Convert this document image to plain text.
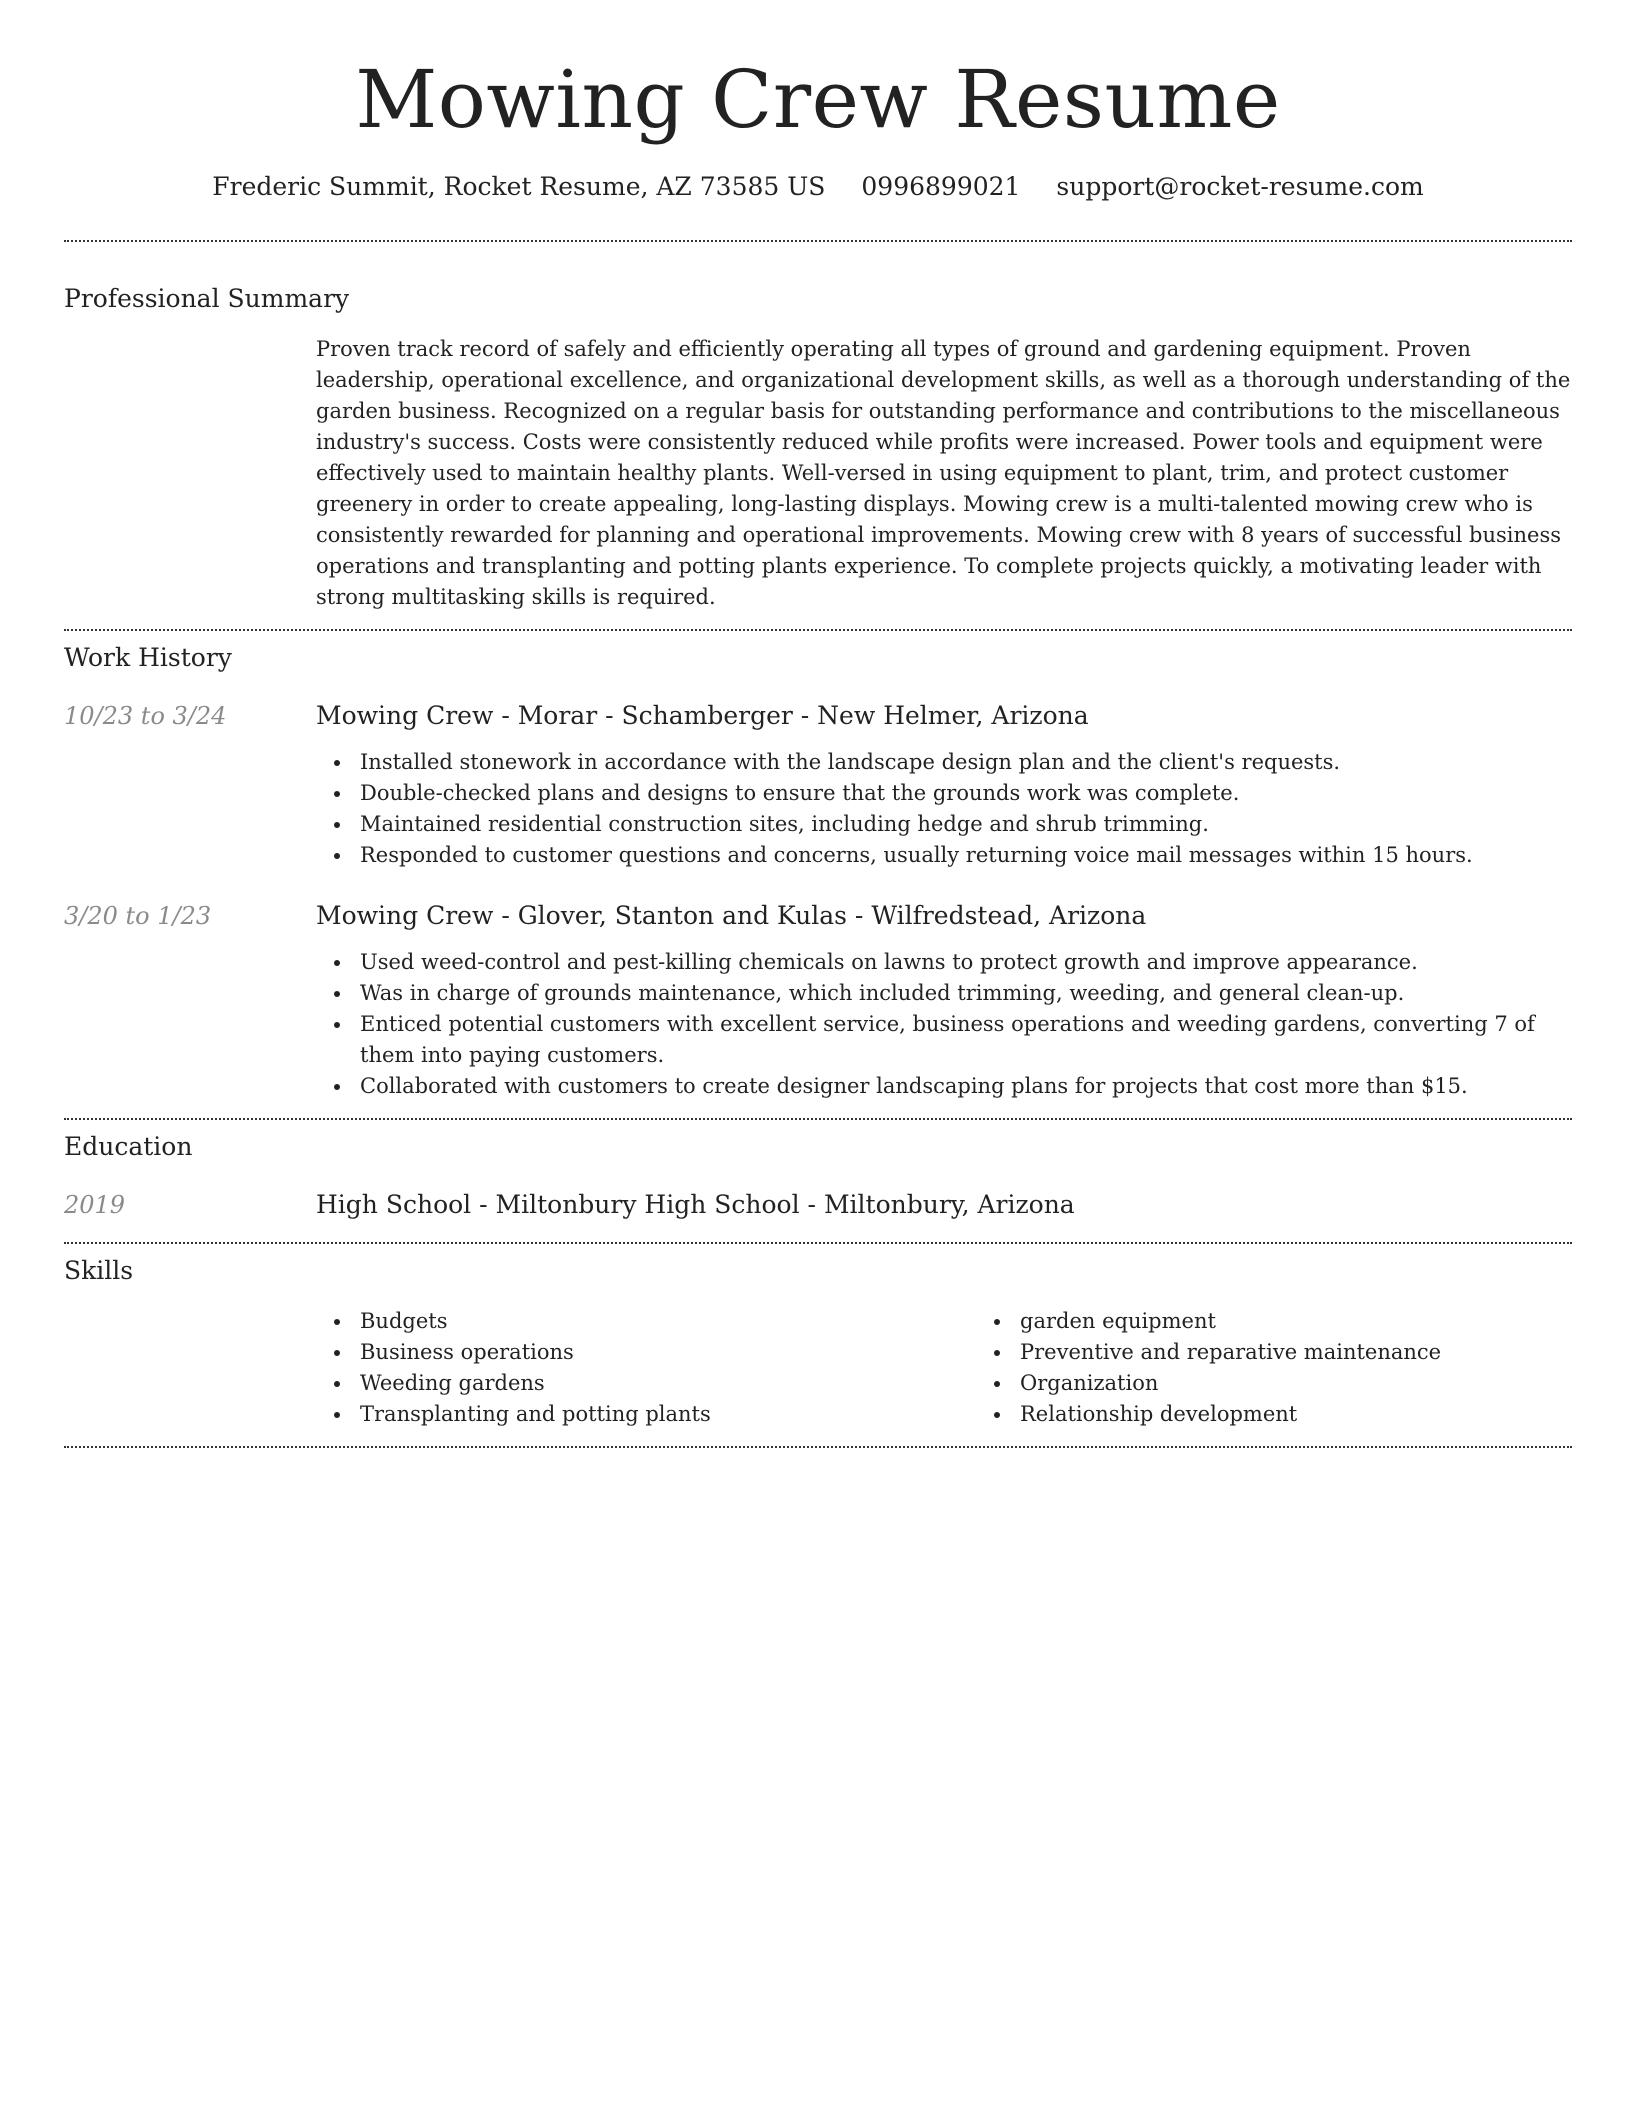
Mowing Crew Resume
Frederic Summit, Rocket Resume, AZ 73585 US 0996899021 support@rocket-resume.com
Professional Summary

Proven track record of safely and efficiently operating all types of ground and gardening equipment. Proven leadership, operational excellence, and organizational development skills, as well as a thorough understanding of the garden business. Recognized on a regular basis for outstanding performance and contributions to the miscellaneous industry's success. Costs were consistently reduced while profits were increased. Power tools and equipment were effectively used to maintain healthy plants. Well-versed in using equipment to plant, trim, and protect customer greenery in order to create appealing, long-lasting displays. Mowing crew is a multi-talented mowing crew who is consistently rewarded for planning and operational improvements. Mowing crew with 8 years of successful business operations and transplanting and potting plants experience. To complete projects quickly, a motivating leader with strong multitasking skills is required.

Work History
10/23 to 3/24	Mowing Crew - Morar - Schamberger - New Helmer, Arizona
Installed stonework in accordance with the landscape design plan and the client's requests.
Double-checked plans and designs to ensure that the grounds work was complete.
Maintained residential construction sites, including hedge and shrub trimming.
Responded to customer questions and concerns, usually returning voice mail messages within 15 hours.
3/20 to 1/23	Mowing Crew - Glover, Stanton and Kulas - Wilfredstead, Arizona
Used weed-control and pest-killing chemicals on lawns to protect growth and improve appearance.
Was in charge of grounds maintenance, which included trimming, weeding, and general clean-up.
Enticed potential customers with excellent service, business operations and weeding gardens, converting 7 of them into paying customers.
Collaborated with customers to create designer landscaping plans for projects that cost more than $15.
Education
2019	High School - Miltonbury High School - Miltonbury, Arizona
Skills
Budgets
Business operations
Weeding gardens
Transplanting and potting plants
garden equipment
Preventive and reparative maintenance
Organization
Relationship development
